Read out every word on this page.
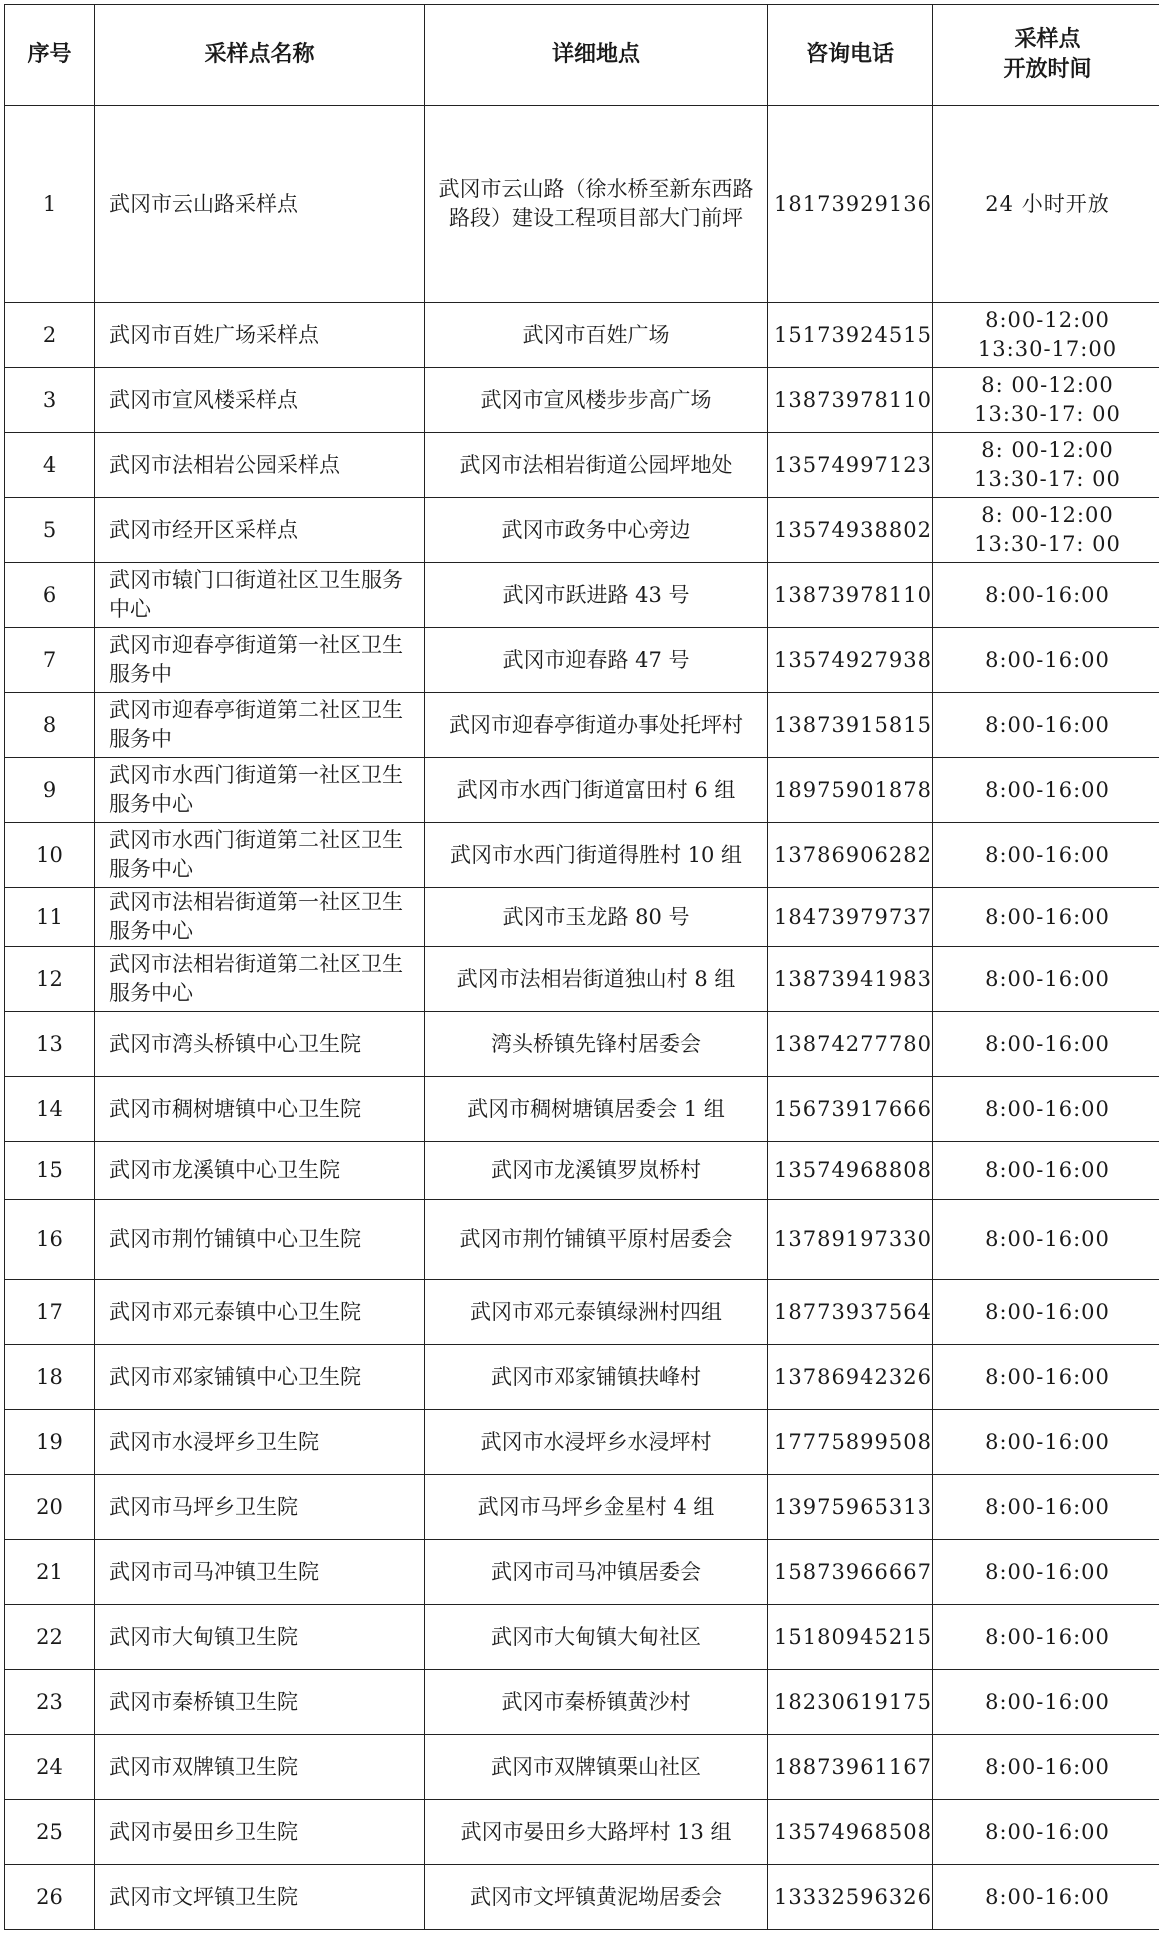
序号	采样点名称	详细地点	咨询电话	采样点
开放时间
1	武冈市云山路采样点	武冈市云山路（徐水桥至新东西路路段）建设工程项目部大门前坪	18173929136	24 小时开放
2	武冈市百姓广场采样点	武冈市百姓广场	15173924515	8:00-12:00
13:30-17:00
3	武冈市宣风楼采样点	武冈市宣风楼步步高广场	13873978110	8: 00-12:00
13:30-17: 00
4	武冈市法相岩公园采样点	武冈市法相岩街道公园坪地处	13574997123	8: 00-12:00
13:30-17: 00
5	武冈市经开区采样点	武冈市政务中心旁边	13574938802	8: 00-12:00
13:30-17: 00
6	武冈市辕门口街道社区卫生服务中心	武冈市跃进路 43 号	13873978110	8:00-16:00
7	武冈市迎春亭街道第一社区卫生服务中	武冈市迎春路 47 号	13574927938	8:00-16:00
8	武冈市迎春亭街道第二社区卫生服务中	武冈市迎春亭街道办事处托坪村	13873915815	8:00-16:00
9	武冈市水西门街道第一社区卫生服务中心	武冈市水西门街道富田村 6 组	18975901878	8:00-16:00
10	武冈市水西门街道第二社区卫生服务中心	武冈市水西门街道得胜村 10 组	13786906282	8:00-16:00
11	武冈市法相岩街道第一社区卫生服务中心	武冈市玉龙路 80 号	18473979737	8:00-16:00
12	武冈市法相岩街道第二社区卫生服务中心	武冈市法相岩街道独山村 8 组	13873941983	8:00-16:00
13	武冈市湾头桥镇中心卫生院	湾头桥镇先锋村居委会	13874277780	8:00-16:00
14	武冈市稠树塘镇中心卫生院	武冈市稠树塘镇居委会 1 组	15673917666	8:00-16:00
15	武冈市龙溪镇中心卫生院	武冈市龙溪镇罗岚桥村	13574968808	8:00-16:00
16	武冈市荆竹铺镇中心卫生院	武冈市荆竹铺镇平原村居委会	13789197330	8:00-16:00
17	武冈市邓元泰镇中心卫生院	武冈市邓元泰镇绿洲村四组	18773937564	8:00-16:00
18	武冈市邓家铺镇中心卫生院	武冈市邓家铺镇扶峰村	13786942326	8:00-16:00
19	武冈市水浸坪乡卫生院	武冈市水浸坪乡水浸坪村	17775899508	8:00-16:00
20	武冈市马坪乡卫生院	武冈市马坪乡金星村 4 组	13975965313	8:00-16:00
21	武冈市司马冲镇卫生院	武冈市司马冲镇居委会	15873966667	8:00-16:00
22	武冈市大甸镇卫生院	武冈市大甸镇大甸社区	15180945215	8:00-16:00
23	武冈市秦桥镇卫生院	武冈市秦桥镇黄沙村	18230619175	8:00-16:00
24	武冈市双牌镇卫生院	武冈市双牌镇栗山社区	18873961167	8:00-16:00
25	武冈市晏田乡卫生院	武冈市晏田乡大路坪村 13 组	13574968508	8:00-16:00
26	武冈市文坪镇卫生院	武冈市文坪镇黄泥坳居委会	13332596326	8:00-16:00
